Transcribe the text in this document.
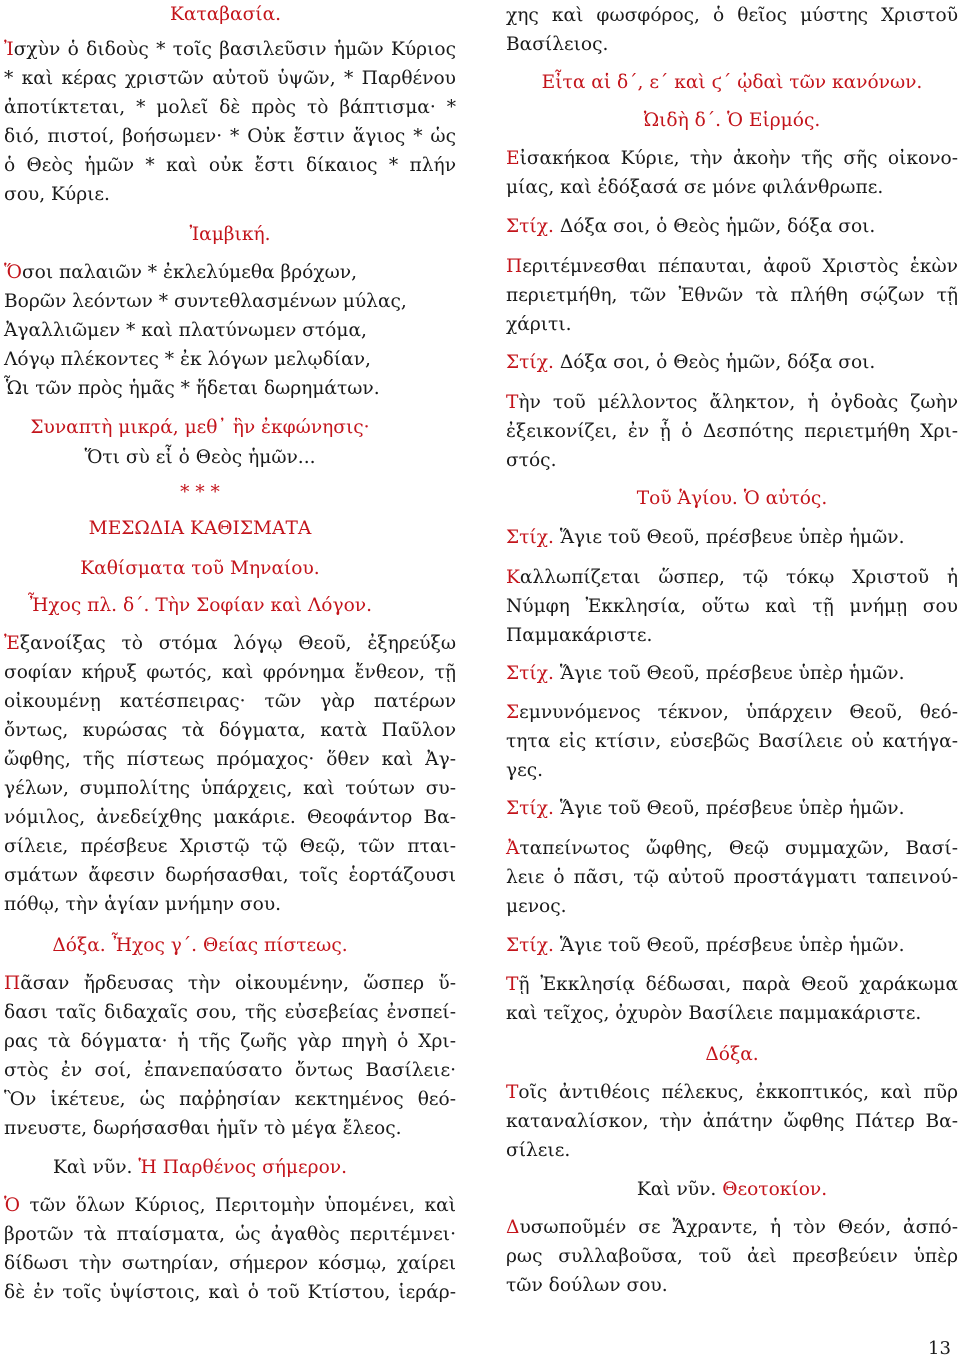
Καταβασία.
Ἰσχὺν ὁ διδοὺς * τοῖς βασιλεῦσιν ἡμῶν Κύριος
* καὶ κέρας χριστῶν αὐτοῦ ὑψῶν, * Παρθένου
ἀποτίκτεται, * μολεῖ δὲ πρὸς τὸ βάπτισμα· *
διό, πιστοί, βοήσωμεν· * Οὐκ ἔστιν ἅγιος * ὡς
ὁ Θεὸς ἡμῶν * καὶ οὐκ ἔστι δίκαιος * πλήν
σου, Κύριε.
Ἰαμβική.
Ὅσοι παλαιῶν * ἐκλελύμεθα βρόχων,
Βορῶν λεόντων * συντεθλασμένων μύλας,
Ἀγαλλιῶμεν * καὶ πλατύνωμεν στόμα,
Λόγῳ πλέκοντες * ἐκ λόγων μελῳδίαν,
Ὧι τῶν πρὸς ἡμᾶς * ἥδεται δωρημάτων.
Συναπτὴ μικρά, μεθ᾽ ἣν ἐκφώνησις·
Ὅτι σὺ εἶ ὁ Θεὸς ἡμῶν...
* * *
ΜΕΣΩΔΙΑ ΚΑΘΙΣΜΑΤΑ
Καθίσματα τοῦ Μηναίου.
Ἦχος πλ. δ΄. Τὴν Σοφίαν καὶ Λόγον.
Ἐξανοίξας τὸ στόμα λόγῳ Θεοῦ, ἐξηρεύξω
σοφίαν κήρυξ φωτός, καὶ φρόνημα ἔνθεον, τῇ
οἰκουμένῃ κατέσπειρας· τῶν γὰρ πατέρων
ὄντως, κυρώσας τὰ δόγματα, κατὰ Παῦλον
ὤφθης, τῆς πίστεως πρόμαχος· ὅθεν καὶ Ἀγ-
γέλων, συμπολίτης ὑπάρχεις, καὶ τούτων συ-
νόμιλος, ἀνεδείχθης μακάριε. Θεοφάντορ Βα-
σίλειε, πρέσβευε Χριστῷ τῷ Θεῷ, τῶν πται-
σμάτων ἄφεσιν δωρήσασθαι, τοῖς ἑορτάζουσι
πόθῳ, τὴν ἁγίαν μνήμην σου.
Δόξα. Ἦχος γ΄. Θείας πίστεως.
Πᾶσαν ἤρδευσας τὴν οἰκουμένην, ὥσπερ ὕ-
δασι ταῖς διδαχαῖς σου, τῆς εὐσεβείας ἐνσπεί-
ρας τὰ δόγματα· ἡ τῆς ζωῆς γὰρ πηγὴ ὁ Χρι-
στὸς ἐν σοί, ἐπανεπαύσατο ὄντως Βασίλειε·
Ὃν ἱκέτευε, ὡς παῤῥησίαν κεκτημένος θεό-
πνευστε, δωρήσασθαι ἡμῖν τὸ μέγα ἔλεος.
Καὶ νῦν. Ἡ Παρθένος σήμερον.
Ὁ τῶν ὅλων Κύριος, Περιτομὴν ὑπομένει, καὶ
βροτῶν τὰ πταίσματα, ὡς ἀγαθὸς περιτέμνει·
δίδωσι τὴν σωτηρίαν, σήμερον κόσμῳ, χαίρει
δὲ ἐν τοῖς ὑψίστοις, καὶ ὁ τοῦ Κτίστου, ἱεράρ-
χης καὶ φωσφόρος, ὁ θεῖος μύστης Χριστοῦ
Βασίλειος.
Εἶτα αἱ δ΄, ε΄ καὶ ϛ΄ ᾠδαὶ τῶν κανόνων.
Ὠιδὴ δ΄. Ὁ Εἱρμός.
Εἰσακήκοα Κύριε, τὴν ἀκοὴν τῆς σῆς οἰκονο-
μίας, καὶ ἐδόξασά σε μόνε φιλάνθρωπε.
Στίχ. Δόξα σοι, ὁ Θεὸς ἡμῶν, δόξα σοι.
Περιτέμνεσθαι πέπαυται, ἀφοῦ Χριστὸς ἑκὼν
περιετμήθη, τῶν Ἐθνῶν τὰ πλήθη σῴζων τῇ
χάριτι.
Στίχ. Δόξα σοι, ὁ Θεὸς ἡμῶν, δόξα σοι.
Τὴν τοῦ μέλλοντος ἄληκτον, ἡ ὀγδοὰς ζωὴν
ἐξεικονίζει, ἐν ᾗ ὁ Δεσπότης περιετμήθη Χρι-
στός.
Τοῦ Ἁγίου. Ὁ αὐτός.
Στίχ. Ἅγιε τοῦ Θεοῦ, πρέσβευε ὑπὲρ ἡμῶν.
Καλλωπίζεται ὥσπερ, τῷ τόκῳ Χριστοῦ ἡ
Νύμφη Ἐκκλησία, οὕτω καὶ τῇ μνήμῃ σου
Παμμακάριστε.
Στίχ. Ἅγιε τοῦ Θεοῦ, πρέσβευε ὑπὲρ ἡμῶν.
Σεμνυνόμενος τέκνον, ὑπάρχειν Θεοῦ, θεό-
τητα εἰς κτίσιν, εὐσεβῶς Βασίλειε οὐ κατήγα-
γες.
Στίχ. Ἅγιε τοῦ Θεοῦ, πρέσβευε ὑπὲρ ἡμῶν.
Ἀταπείνωτος ὤφθης, Θεῷ συμμαχῶν, Βασί-
λειε ὁ πᾶσι, τῷ αὐτοῦ προστάγματι ταπεινού-
μενος.
Στίχ. Ἅγιε τοῦ Θεοῦ, πρέσβευε ὑπὲρ ἡμῶν.
Τῇ Ἐκκλησίᾳ δέδωσαι, παρὰ Θεοῦ χαράκωμα
καὶ τεῖχος, ὀχυρὸν Βασίλειε παμμακάριστε.
Δόξα.
Τοῖς ἀντιθέοις πέλεκυς, ἐκκοπτικός, καὶ πῦρ
καταναλίσκον, τὴν ἀπάτην ὤφθης Πάτερ Βα-
σίλειε.
Καὶ νῦν. Θεοτοκίον.
Δυσωποῦμέν σε Ἄχραντε, ἡ τὸν Θεόν, ἀσπό-
ρως συλλαβοῦσα, τοῦ ἀεὶ πρεσβεύειν ὑπὲρ
τῶν δούλων σου.
13
